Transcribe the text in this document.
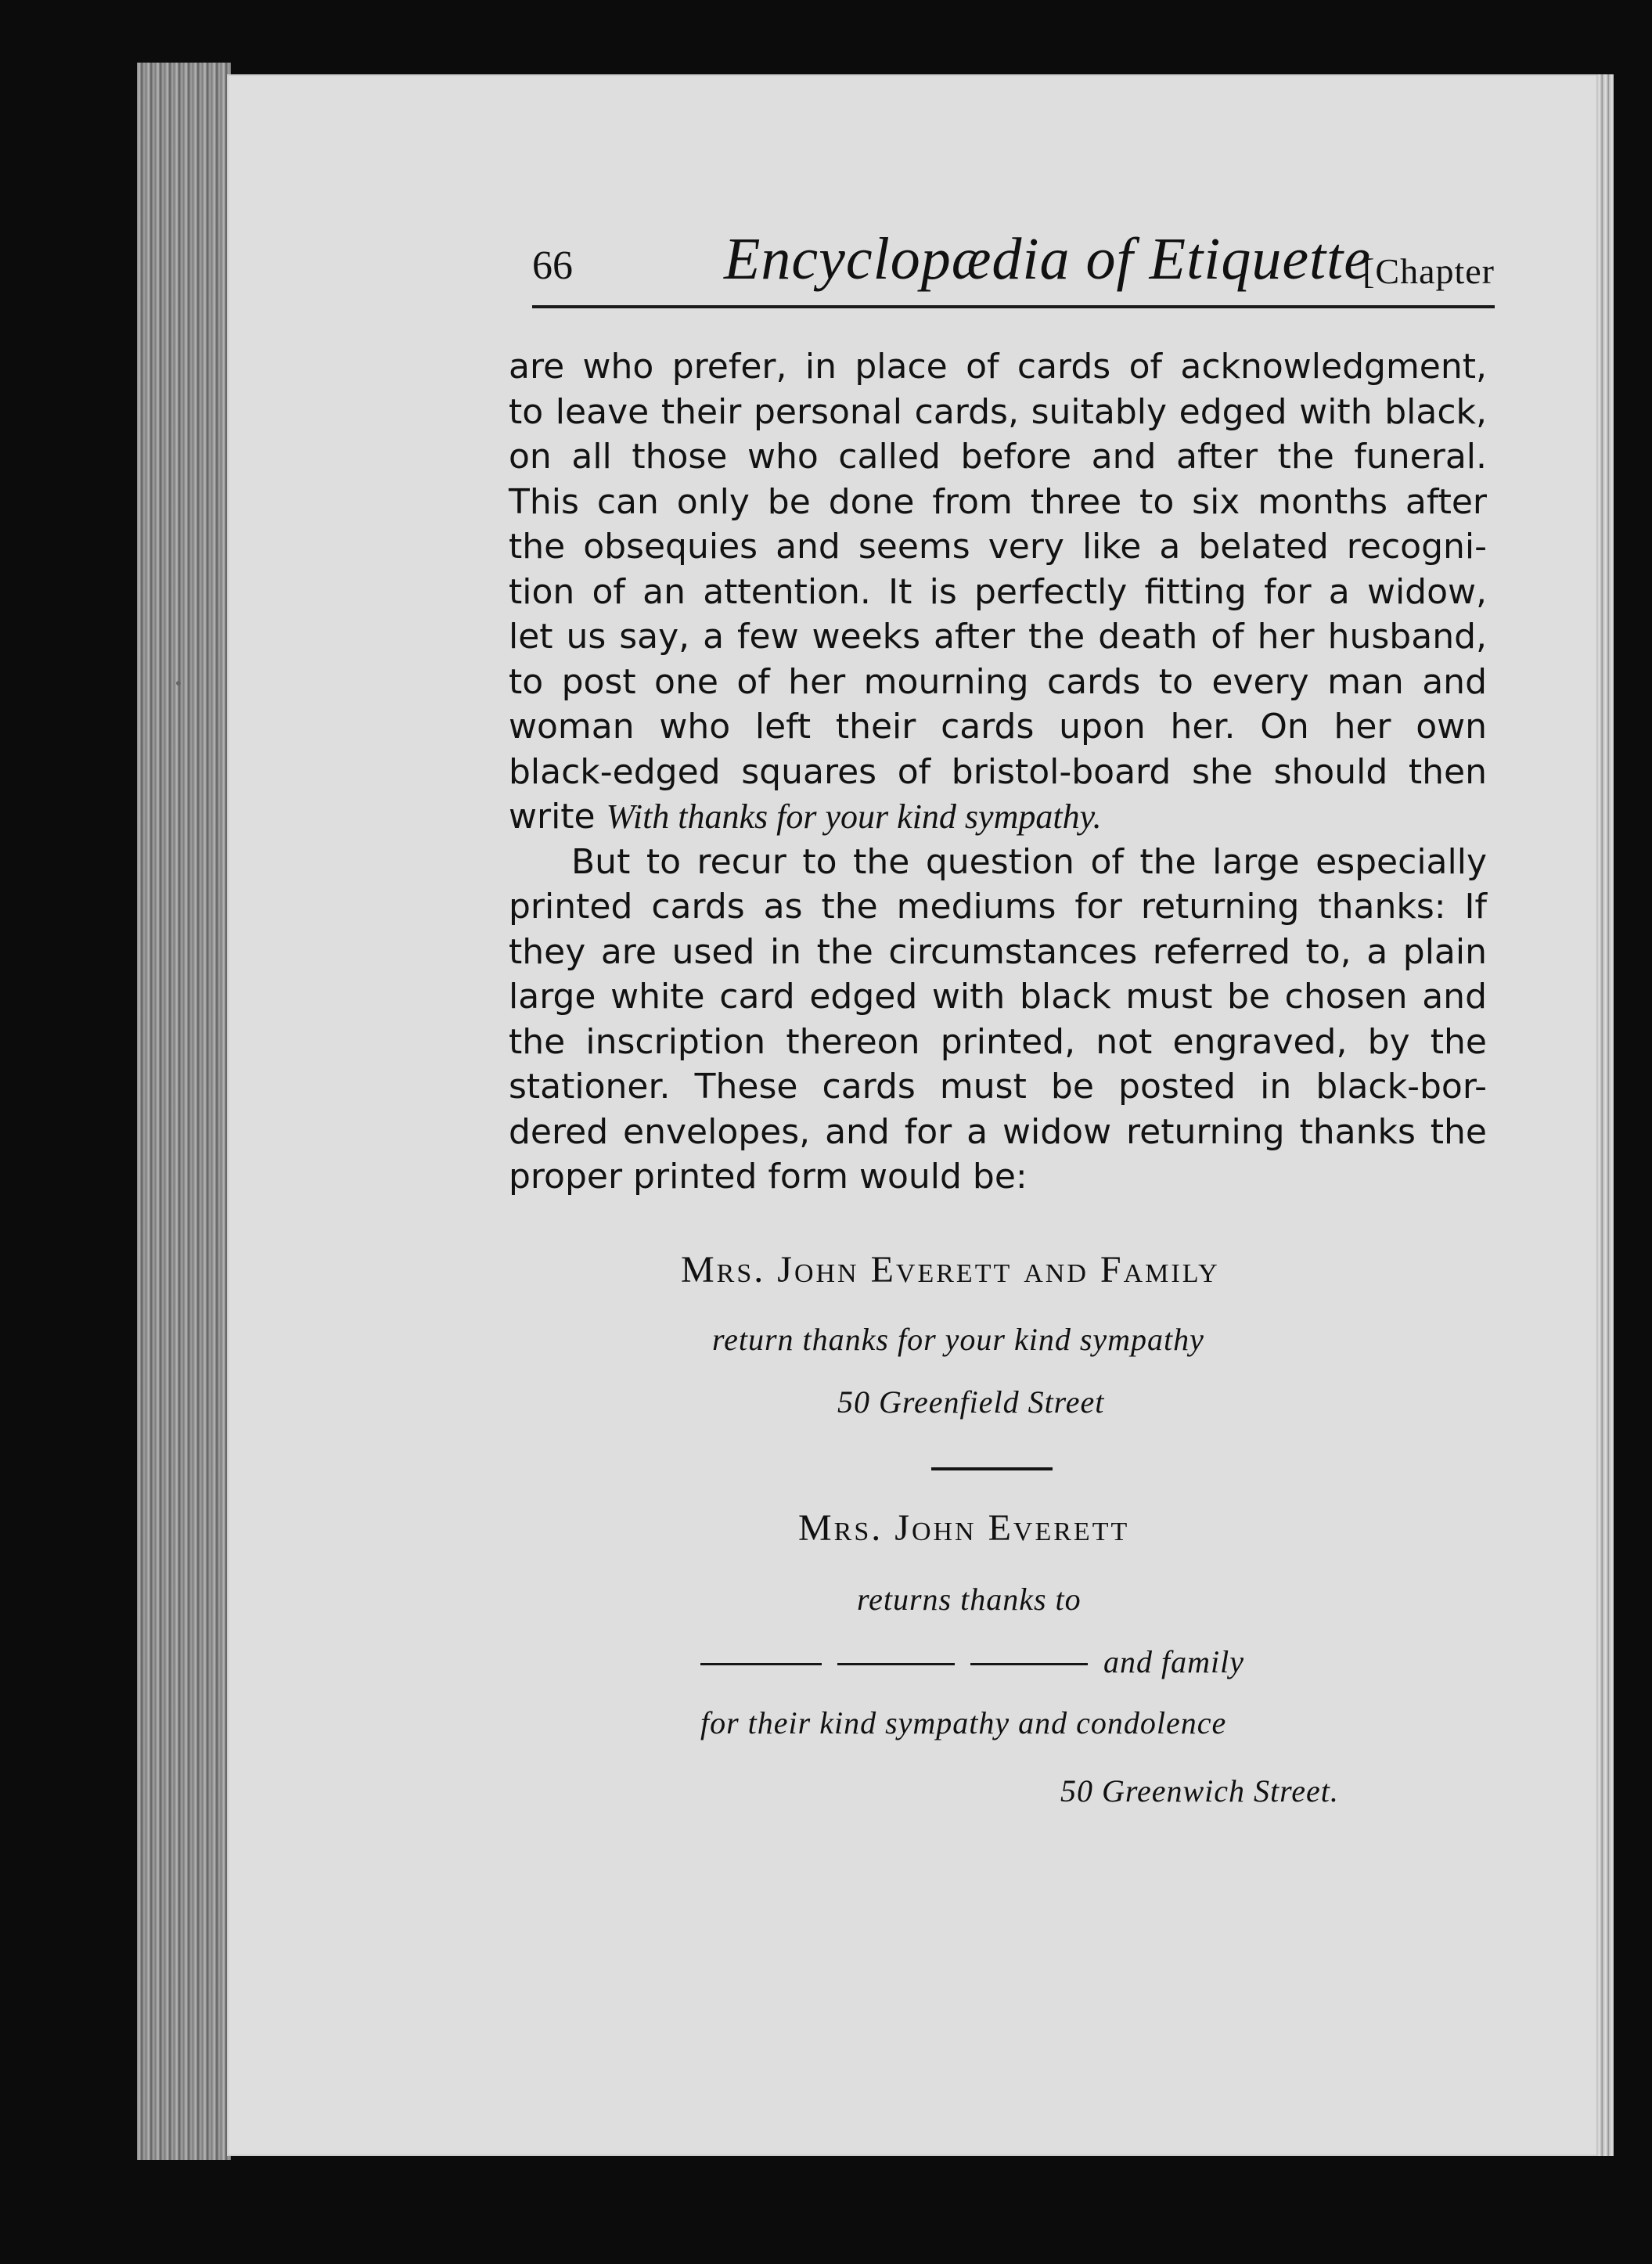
66	Encyclopædia of Etiquette
[Chapter
are who prefer, in place of cards of acknowledgment,
to leave their personal cards, suitably edged with black,
on all those who called before and after the funeral.
This can only be done from three to six months after
the obsequies and seems very like a belated recogni-
tion of an attention. It is perfectly fitting for a widow,
let us say, a few weeks after the death of her husband,
to post one of her mourning cards to every man and
woman who left their cards upon her. On her own
black-edged squares of bristol-board she should then
write With thanks for your kind sympathy.
But to recur to the question of the large especially
printed cards as the mediums for returning thanks: If
they are used in the circumstances referred to, a plain
large white card edged with black must be chosen and
the inscription thereon printed, not engraved, by the
stationer. These cards must be posted in black-bor-
dered envelopes, and for a widow returning thanks the
proper printed form would be:
Mrs. John Everett and Family
return thanks for your kind sympathy
50 Greenfield Street
Mrs. John Everett
returns thanks to
and family
for their kind sympathy and condolence
50 Greenwich Street.
